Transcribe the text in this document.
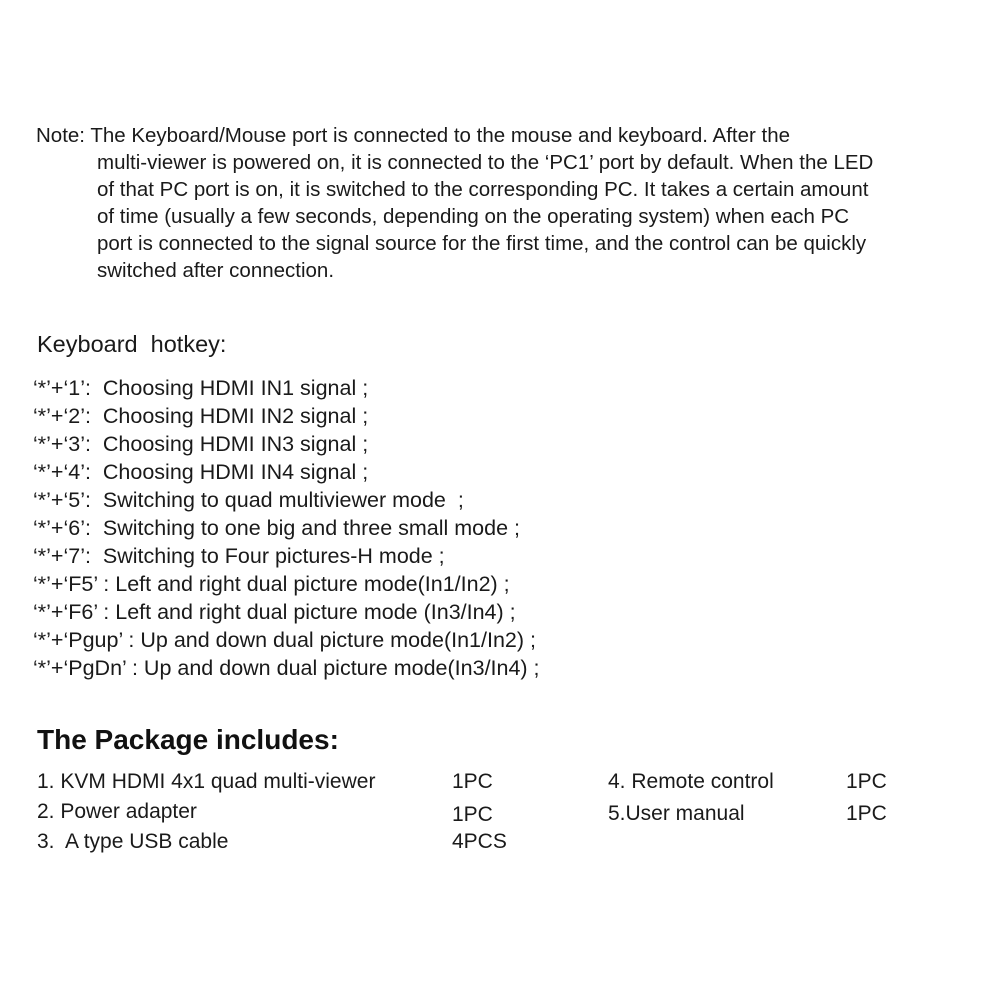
Note: The Keyboard/Mouse port is connected to the mouse and keyboard. After the
multi-viewer is powered on, it is connected to the ‘PC1’ port by default. When the LED
of that PC port is on, it is switched to the corresponding PC. It takes a certain amount
of time (usually a few seconds, depending on the operating system) when each PC
port is connected to the signal source for the first time, and the control can be quickly
switched after connection.
Keyboard  hotkey:
‘*’+‘1’:  Choosing HDMI IN1 signal ;
‘*’+‘2’:  Choosing HDMI IN2 signal ;
‘*’+‘3’:  Choosing HDMI IN3 signal ;
‘*’+‘4’:  Choosing HDMI IN4 signal ;
‘*’+‘5’:  Switching to quad multiviewer mode  ;
‘*’+‘6’:  Switching to one big and three small mode ;
‘*’+‘7’:  Switching to Four pictures-H mode ;
‘*’+‘F5’ : Left and right dual picture mode(In1/In2) ;
‘*’+‘F6’ : Left and right dual picture mode (In3/In4) ;
‘*’+‘Pgup’ : Up and down dual picture mode(In1/In2) ;
‘*’+‘PgDn’ : Up and down dual picture mode(In3/In4) ;
The Package includes:
1. KVM HDMI 4x1 quad multi-viewer	1PC
2. Power adapter	1PC
3.  A type USB cable	4PCS
4. Remote control	1PC
5.User manual	1PC
